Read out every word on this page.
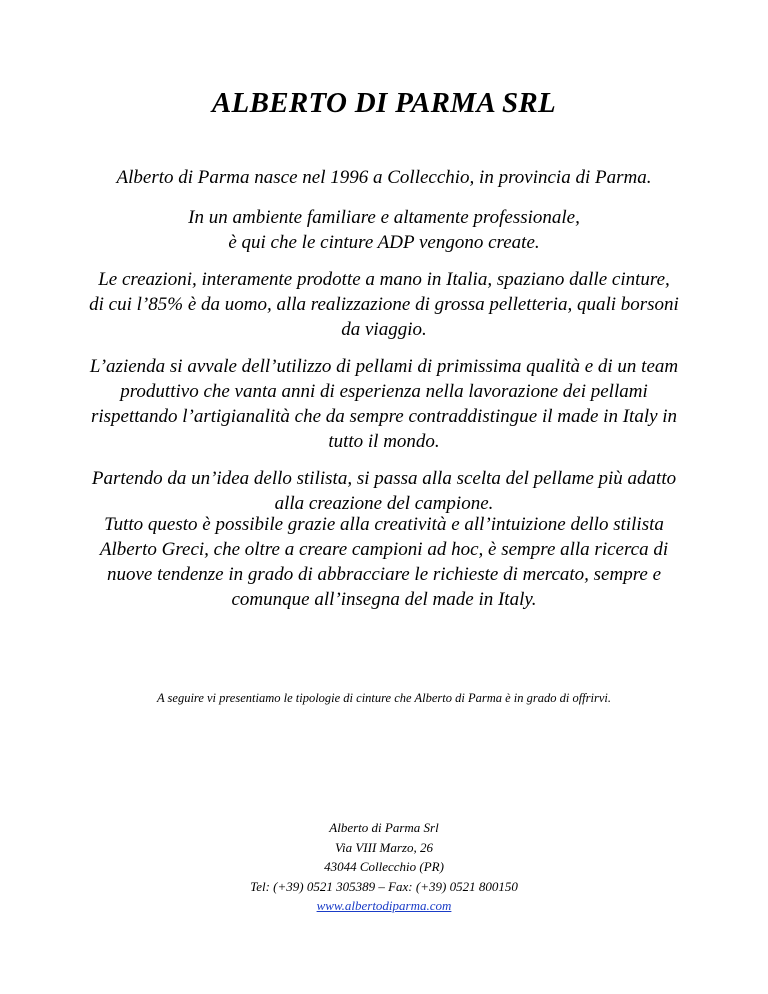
ALBERTO DI PARMA SRL

Alberto di Parma nasce nel 1996 a Collecchio, in provincia di Parma.

In un ambiente familiare e altamente professionale,
è qui che le cinture ADP vengono create.

Le creazioni, interamente prodotte a mano in Italia, spaziano dalle cinture,
di cui l’85% è da uomo, alla realizzazione di grossa pelletteria, quali borsoni
da viaggio.

L’azienda si avvale dell’utilizzo di pellami di primissima qualità e di un team
produttivo che vanta anni di esperienza nella lavorazione dei pellami
rispettando l’artigianalità che da sempre contraddistingue il made in Italy in
tutto il mondo.

Partendo da un’idea dello stilista, si passa alla scelta del pellame più adatto
alla creazione del campione.

Tutto questo è possibile grazie alla creatività e all’intuizione dello stilista
Alberto Greci, che oltre a creare campioni ad hoc, è sempre alla ricerca di
nuove tendenze in grado di abbracciare le richieste di mercato, sempre e
comunque all’insegna del made in Italy.

A seguire vi presentiamo le tipologie di cinture che Alberto di Parma è in grado di offrirvi.

Alberto di Parma Srl
Via VIII Marzo, 26
43044 Collecchio (PR)
Tel: (+39) 0521 305389 – Fax: (+39) 0521 800150
www.albertodiparma.com
